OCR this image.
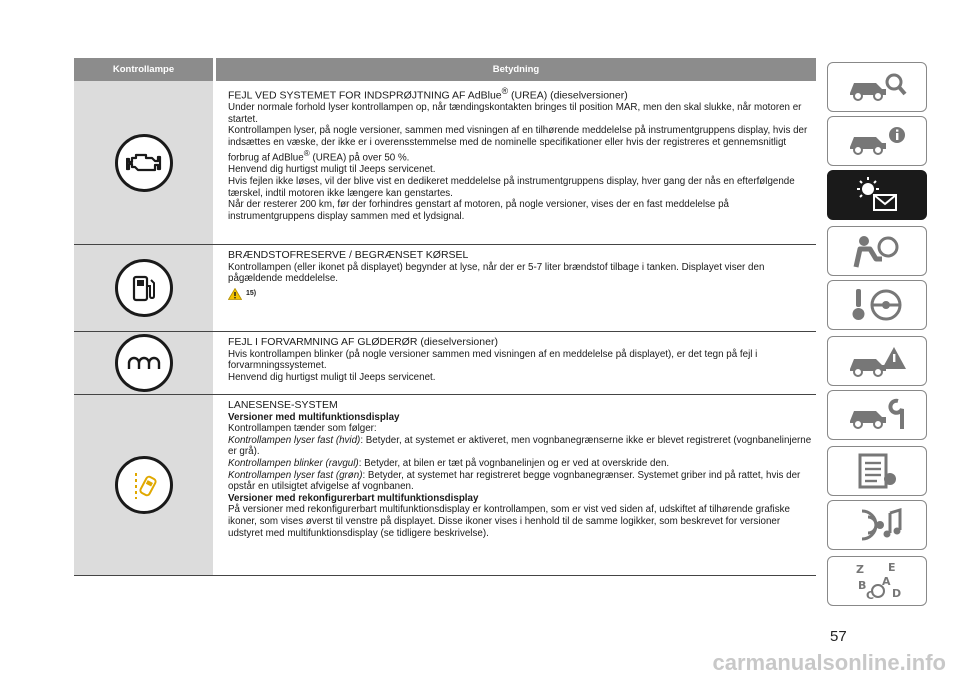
Kontrollampe	Betydning

FEJL VED SYSTEMET FOR INDSPRØJTNING AF AdBlue® (UREA) (dieselversioner)

Under normale forhold lyser kontrollampen op, når tændingskontakten bringes til position MAR, men den skal slukke, når motoren er startet.

Kontrollampen lyser, på nogle versioner, sammen med visningen af en tilhørende meddelelse på instrumentgruppens display, hvis der indsættes en væske, der ikke er i overensstemmelse med de nominelle specifikationer eller hvis der registreres et gennemsnitligt forbrug af AdBlue® (UREA) på over 50 %.

Henvend dig hurtigst muligt til Jeeps servicenet.

Hvis fejlen ikke løses, vil der blive vist en dedikeret meddelelse på instrumentgruppens display, hver gang der nås en efterfølgende tærskel, indtil motoren ikke længere kan genstartes.

Når der resterer 200 km, før der forhindres genstart af motoren, på nogle versioner, vises der en fast meddelelse på instrumentgruppens display sammen med et lydsignal.

BRÆNDSTOFRESERVE / BEGRÆNSET KØRSEL

Kontrollampen (eller ikonet på displayet) begynder at lyse, når der er 5-7 liter brændstof tilbage i tanken. Displayet viser den pågældende meddelelse.

15)

FEJL I FORVARMNING AF GLØDERØR (dieselversioner)

Hvis kontrollampen blinker (på nogle versioner sammen med visningen af en meddelelse på displayet), er det tegn på fejl i forvarmningssystemet.

Henvend dig hurtigst muligt til Jeeps servicenet.

LANESENSE-SYSTEM

Versioner med multifunktionsdisplay

Kontrollampen tænder som følger:

Kontrollampen lyser fast (hvid): Betyder, at systemet er aktiveret, men vognbanegrænserne ikke er blevet registreret (vognbanelinjerne er grå).

Kontrollampen blinker (ravgul): Betyder, at bilen er tæt på vognbanelinjen og er ved at overskride den.

Kontrollampen lyser fast (grøn): Betyder, at systemet har registreret begge vognbanegrænser. Systemet griber ind på rattet, hvis der opstår en utilsigtet afvigelse af vognbanen.

Versioner med rekonfigurerbart multifunktionsdisplay

På versioner med rekonfigurerbart multifunktionsdisplay er kontrollampen, som er vist ved siden af, udskiftet af tilhørende grafiske ikoner, som vises øverst til venstre på displayet. Disse ikoner vises i henhold til de samme logikker, som beskrevet for versioner udstyret med multifunktionsdisplay (se tidligere beskrivelse).

Z E
B A
C D
57
carmanualsonline.info
